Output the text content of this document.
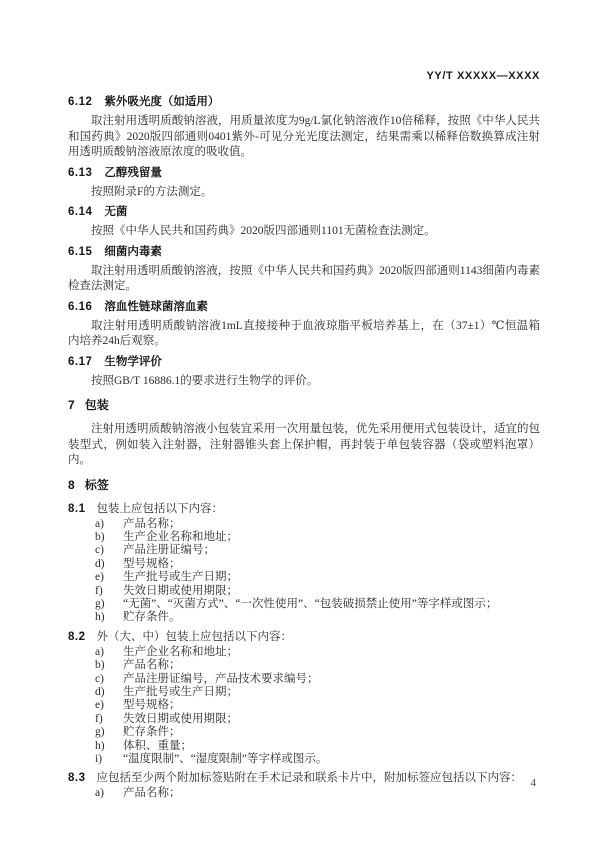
YY/T XXXXX—XXXX
6.12 紫外吸光度（如适用）
取注射用透明质酸钠溶液，用质量浓度为9g/L氯化钠溶液作10倍稀释，按照《中华人民共和国药典》2020版四部通则0401紫外-可见分光光度法测定，结果需乘以稀释倍数换算成注射用透明质酸钠溶液原浓度的吸收值。
6.13 乙醇残留量
按照附录F的方法测定。
6.14 无菌
按照《中华人民共和国药典》2020版四部通则1101无菌检查法测定。
6.15 细菌内毒素
取注射用透明质酸钠溶液，按照《中华人民共和国药典》2020版四部通则1143细菌内毒素检查法测定。
6.16 溶血性链球菌溶血素
取注射用透明质酸钠溶液1mL直接接种于血液琼脂平板培养基上，在（37±1）℃恒温箱内培养24h后观察。
6.17 生物学评价
按照GB/T 16886.1的要求进行生物学的评价。
7 包装
注射用透明质酸钠溶液小包装宜采用一次用量包装，优先采用便用式包装设计，适宜的包装型式，例如装入注射器，注射器锥头套上保护帽，再封装于单包装容器（袋或塑料泡罩）内。
8 标签
8.1 包装上应包括以下内容：
a)	产品名称；
b)	生产企业名称和地址；
c)	产品注册证编号；
d)	型号规格；
e)	生产批号或生产日期；
f)	失效日期或使用期限；
g)	“无菌”、“灭菌方式”、“一次性使用”、“包装破损禁止使用”等字样或图示；
h)	贮存条件。
8.2 外（大、中）包装上应包括以下内容：
a)	生产企业名称和地址；
b)	产品名称；
c)	产品注册证编号，产品技术要求编号；
d)	生产批号或生产日期；
e)	型号规格；
f)	失效日期或使用期限；
g)	贮存条件；
h)	体积、重量；
i)	“温度限制”、“湿度限制”等字样或图示。
8.3 应包括至少两个附加标签贴附在手术记录和联系卡片中，附加标签应包括以下内容：
a)	产品名称；
4
